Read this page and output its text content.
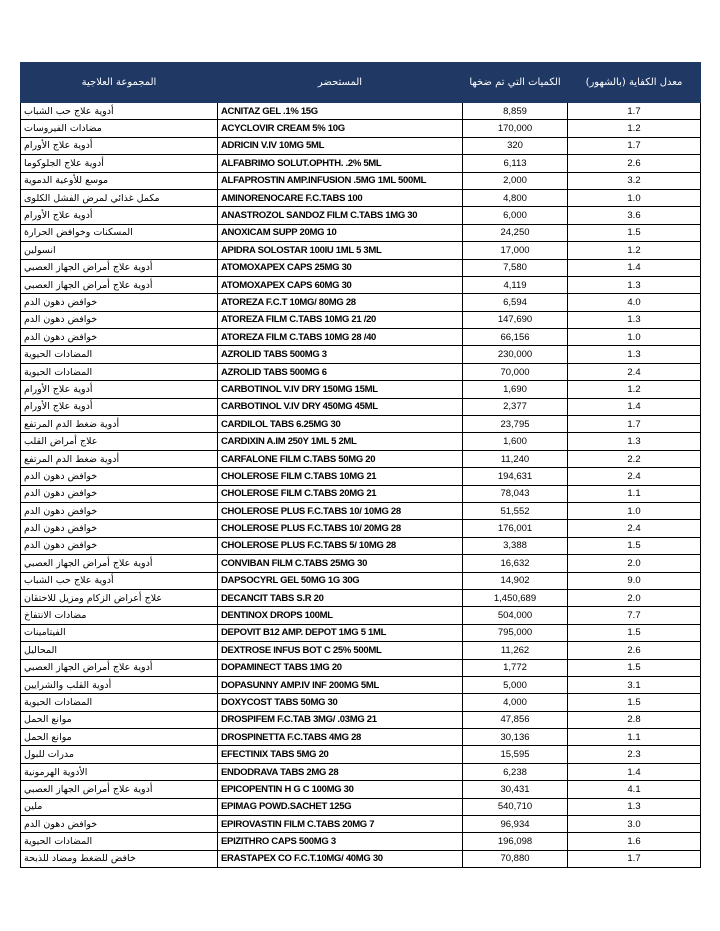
المجموعة العلاجية	المستحضر	الكميات التي تم ضخها	معدل الكفاية (بالشهور)
أدوية علاج حب الشباب	ACNITAZ GEL .1% 15G	8,859	1.7
مضادات الفيروسات	ACYCLOVIR CREAM 5% 10G	170,000	1.2
أدوية علاج الأورام	ADRICIN V.IV 10MG 5ML	320	1.7
أدوية علاج الجلوكوما	ALFABRIMO SOLUT.OPHTH. .2% 5ML	6,113	2.6
موسع للأوعية الدموية	ALFAPROSTIN AMP.INFUSION .5MG 1ML 500ML	2,000	3.2
مكمل غذائي لمرض الفشل الكلوى	AMINORENOCARE F.C.TABS 100	4,800	1.0
أدوية علاج الأورام	ANASTROZOL SANDOZ FILM C.TABS 1MG 30	6,000	3.6
المسكنات وخوافض الحرارة	ANOXICAM SUPP 20MG 10	24,250	1.5
انسولين	APIDRA SOLOSTAR 100IU 1ML 5 3ML	17,000	1.2
أدوية علاج أمراض الجهاز العصبي	ATOMOXAPEX CAPS 25MG 30	7,580	1.4
أدوية علاج أمراض الجهاز العصبي	ATOMOXAPEX CAPS 60MG 30	4,119	1.3
خوافض دهون الدم	ATOREZA F.C.T 10MG/ 80MG 28	6,594	4.0
خوافض دهون الدم	ATOREZA FILM C.TABS 10MG 21 /20	147,690	1.3
خوافض دهون الدم	ATOREZA FILM C.TABS 10MG 28 /40	66,156	1.0
المضادات الحيوية	AZROLID TABS 500MG 3	230,000	1.3
المضادات الحيوية	AZROLID TABS 500MG 6	70,000	2.4
أدوية علاج الأورام	CARBOTINOL V.IV DRY 150MG 15ML	1,690	1.2
أدوية علاج الأورام	CARBOTINOL V.IV DRY 450MG 45ML	2,377	1.4
أدوية ضغط الدم المرتفع	CARDILOL TABS 6.25MG 30	23,795	1.7
علاج أمراض القلب	CARDIXIN A.IM 250Y 1ML 5 2ML	1,600	1.3
أدوية ضغط الدم المرتفع	CARFALONE FILM C.TABS 50MG 20	11,240	2.2
خوافض دهون الدم	CHOLEROSE FILM C.TABS 10MG 21	194,631	2.4
خوافض دهون الدم	CHOLEROSE FILM C.TABS 20MG 21	78,043	1.1
خوافض دهون الدم	CHOLEROSE PLUS F.C.TABS 10/ 10MG 28	51,552	1.0
خوافض دهون الدم	CHOLEROSE PLUS F.C.TABS 10/ 20MG 28	176,001	2.4
خوافض دهون الدم	CHOLEROSE PLUS F.C.TABS 5/ 10MG 28	3,388	1.5
أدوية علاج أمراض الجهاز العصبي	CONVIBAN FILM C.TABS 25MG 30	16,632	2.0
أدوية علاج حب الشباب	DAPSOCYRL GEL 50MG 1G 30G	14,902	9.0
علاج أعراض الزكام ومزيل للاحتقان	DECANCIT TABS S.R 20	1,450,689	2.0
مضادات الانتفاخ	DENTINOX DROPS 100ML	504,000	7.7
الفيتامينات	DEPOVIT B12 AMP. DEPOT 1MG 5 1ML	795,000	1.5
المحاليل	DEXTROSE INFUS BOT C 25% 500ML	11,262	2.6
أدوية علاج أمراض الجهاز العصبي	DOPAMINECT TABS 1MG 20	1,772	1.5
أدوية القلب والشرايين	DOPASUNNY AMP.IV INF 200MG 5ML	5,000	3.1
المضادات الحيوية	DOXYCOST TABS 50MG 30	4,000	1.5
موانع الحمل	DROSPIFEM F.C.TAB 3MG/ .03MG 21	47,856	2.8
موانع الحمل	DROSPINETTA F.C.TABS 4MG 28	30,136	1.1
مدرات للبول	EFECTINIX TABS 5MG 20	15,595	2.3
الأدوية الهرمونية	ENDODRAVA TABS 2MG 28	6,238	1.4
أدوية علاج أمراض الجهاز العصبي	EPICOPENTIN H G C 100MG 30	30,431	4.1
ملين	EPIMAG POWD.SACHET 125G	540,710	1.3
خوافض دهون الدم	EPIROVASTIN FILM C.TABS 20MG 7	96,934	3.0
المضادات الحيوية	EPIZITHRO CAPS 500MG 3	196,098	1.6
خافض للضغط ومضاد للذبحة	ERASTAPEX CO F.C.T.10MG/ 40MG 30	70,880	1.7
